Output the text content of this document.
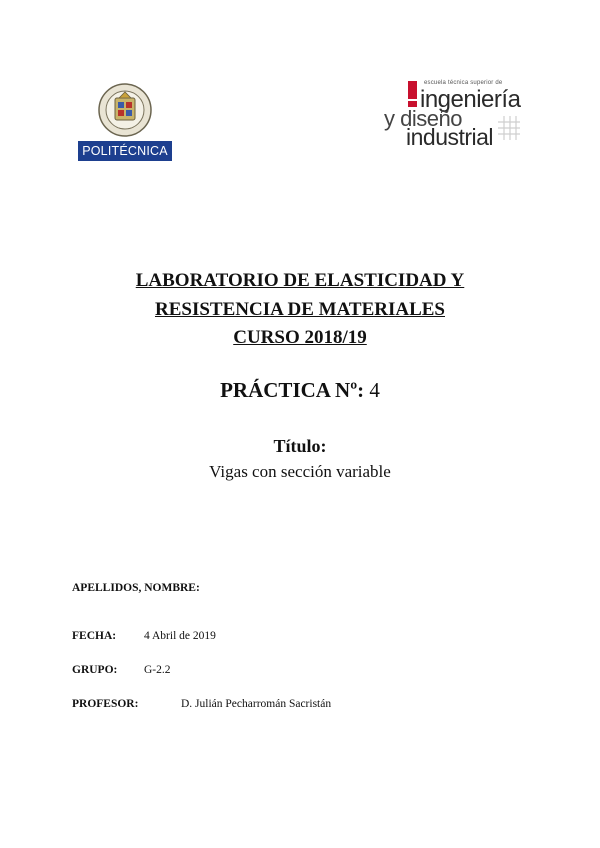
POLITÉCNICA
escuela técnica superior de
ingeniería
y diseño
industrial
LABORATORIO DE ELASTICIDAD Y
RESISTENCIA DE MATERIALES
CURSO 2018/19
PRÁCTICA Nº: 4
Título:
Vigas con sección variable
APELLIDOS, NOMBRE:
FECHA: 4 Abril de 2019
GRUPO: G-2.2
PROFESOR:	D. Julián Pecharromán Sacristán
